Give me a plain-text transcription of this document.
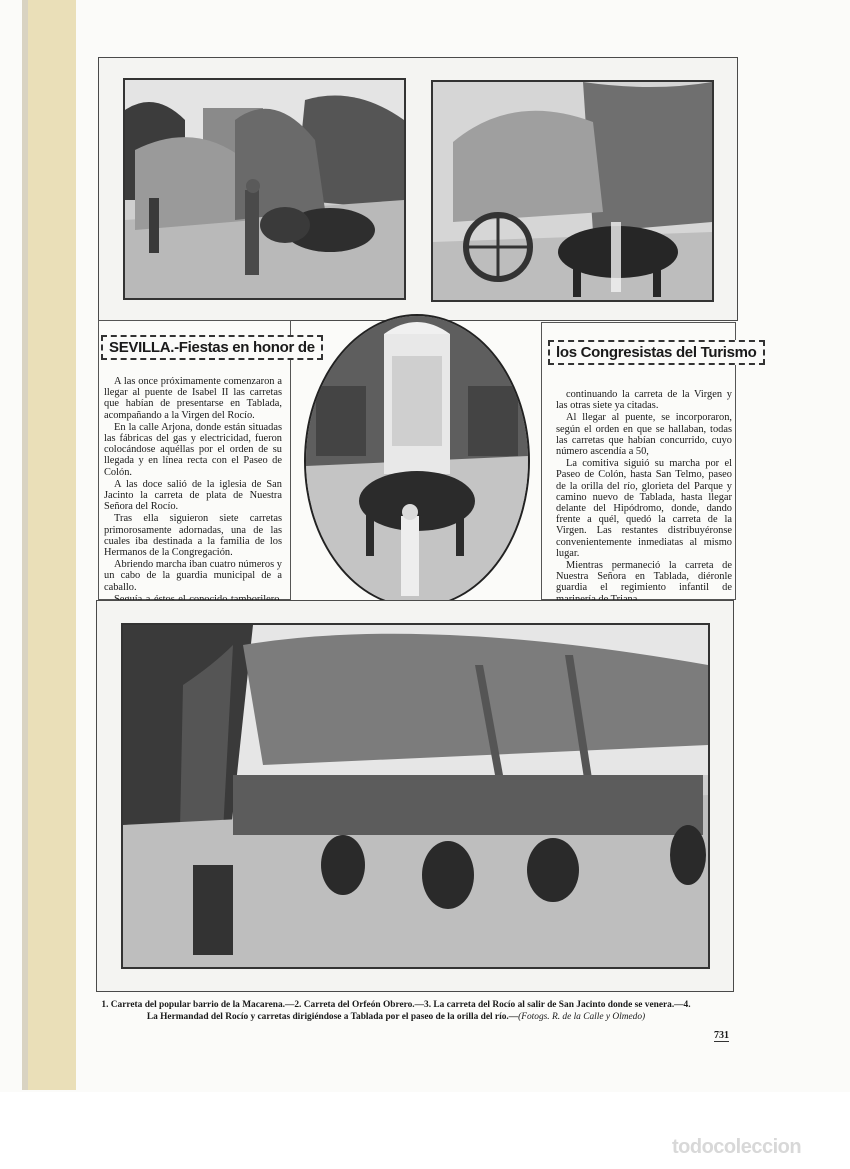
SEVILLA.-Fiestas en honor de

A las once próximamente comenzaron a llegar al puente de Isabel II las carretas que habían de presentarse en Tablada, acompañando a la Virgen del Rocío.

En la calle Arjona, donde están situadas las fábricas del gas y electricidad, fueron colocándose aquéllas por el orden de su llegada y en línea recta con el Paseo de Colón.

A las doce salió de la iglesia de San Jacinto la carreta de plata de Nuestra Señora del Rocío.

Tras ella siguieron siete carretas primorosamente adornadas, una de las cuales iba destinada a la familia de los Hermanos de la Congregación.

Abriendo marcha iban cuatro números y un cabo de la guardia municipal de a caballo.

los Congresistas del Turismo

continuando la carreta de la Virgen y las otras siete ya citadas.

Al llegar al puente, se incorporaron, según el orden en que se hallaban, todas las carretas que habían concurrido, cuyo número ascendía a 50,

La comitiva siguió su marcha por el Paseo de Colón, hasta San Telmo, paseo de la orilla del río, glorieta del Parque y camino nuevo de Tablada, hasta llegar delante del Hipódromo, donde, dando frente a quél, quedó la carreta de la Virgen. Las restantes distribuyéronse convenientemente inmediatas al mismo lugar.

Mientras permaneció la carreta de Nuestra Señora en Tablada, diéronle guardia el regimiento infantil de

1. Carreta del popular barrio de la Macarena.—2. Carreta del Orfeón Obrero.—3. La carreta del Rocío al salir de San Jacinto donde se venera.—4. La Hermandad del Rocío y carretas dirigiéndose a Tablada por el paseo de la orilla del río.—(Fotogs. R. de la Calle y Olmedo)
731
todocoleccion
